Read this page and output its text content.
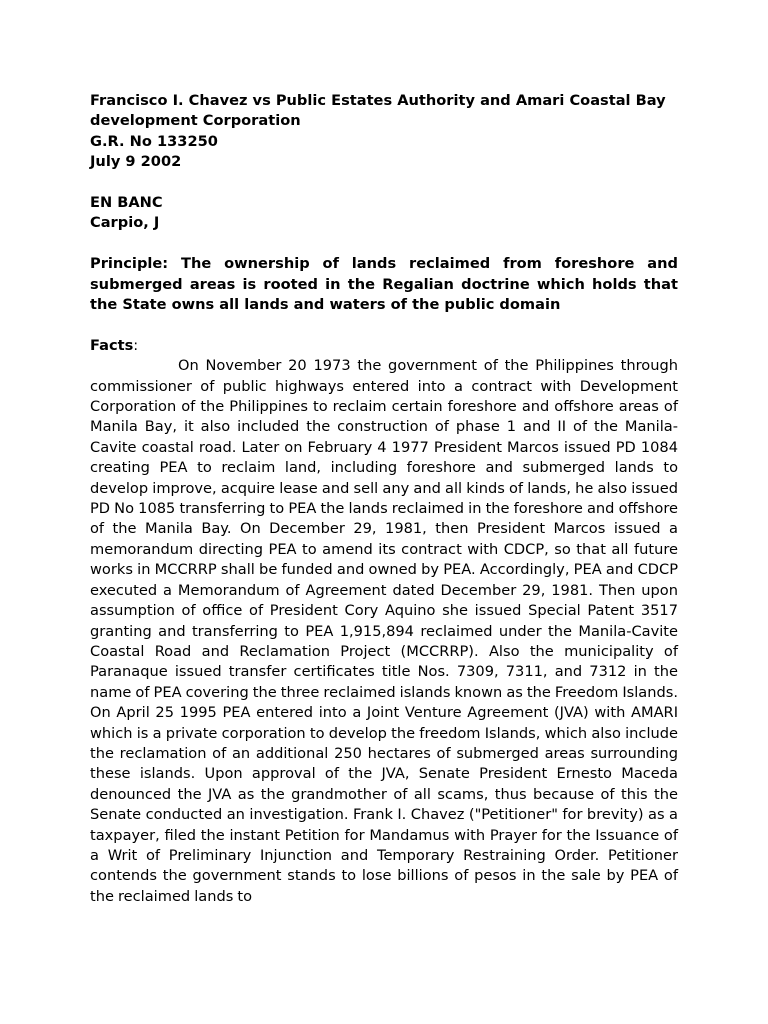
Francisco I. Chavez vs Public Estates Authority and Amari Coastal Bay development Corporation

G.R. No 133250

July 9 2002

EN BANC

Carpio, J

Principle: The ownership of lands reclaimed from foreshore and submerged areas is rooted in the Regalian doctrine which holds that the State owns all lands and waters of the public domain

Facts:

On November 20 1973 the government of the Philippines through commissioner of public highways entered into a contract with Development Corporation of the Philippines to reclaim certain foreshore and offshore areas of Manila Bay, it also included the construction of phase 1 and II of the Manila-Cavite coastal road. Later on February 4 1977 President Marcos issued PD 1084 creating PEA to reclaim land, including foreshore and submerged lands to develop improve, acquire lease and sell any and all kinds of lands, he also issued PD No 1085 transferring to PEA the lands reclaimed in the foreshore and offshore of the Manila Bay. On December 29, 1981, then President Marcos issued a memorandum directing PEA to amend its contract with CDCP, so that all future works in MCCRRP shall be funded and owned by PEA. Accordingly, PEA and CDCP executed a Memorandum of Agreement dated December 29, 1981. Then upon assumption of office of President Cory Aquino she issued Special Patent 3517 granting and transferring to PEA 1,915,894 reclaimed under the Manila-Cavite Coastal Road and Reclamation Project (MCCRRP). Also the municipality of Paranaque issued transfer certificates title Nos. 7309, 7311, and 7312 in the name of PEA covering the three reclaimed islands known as the Freedom Islands. On April 25 1995 PEA entered into a Joint Venture Agreement (JVA) with AMARI which is a private corporation to develop the freedom Islands, which also include the reclamation of an additional 250 hectares of submerged areas surrounding these islands. Upon approval of the JVA, Senate President Ernesto Maceda denounced the JVA as the grandmother of all scams, thus because of this the Senate conducted an investigation. Frank I. Chavez ("Petitioner" for brevity) as a taxpayer, filed the instant Petition for Mandamus with Prayer for the Issuance of a Writ of Preliminary Injunction and Temporary Restraining Order. Petitioner contends the government stands to lose billions of pesos in the sale by PEA of the reclaimed lands to
